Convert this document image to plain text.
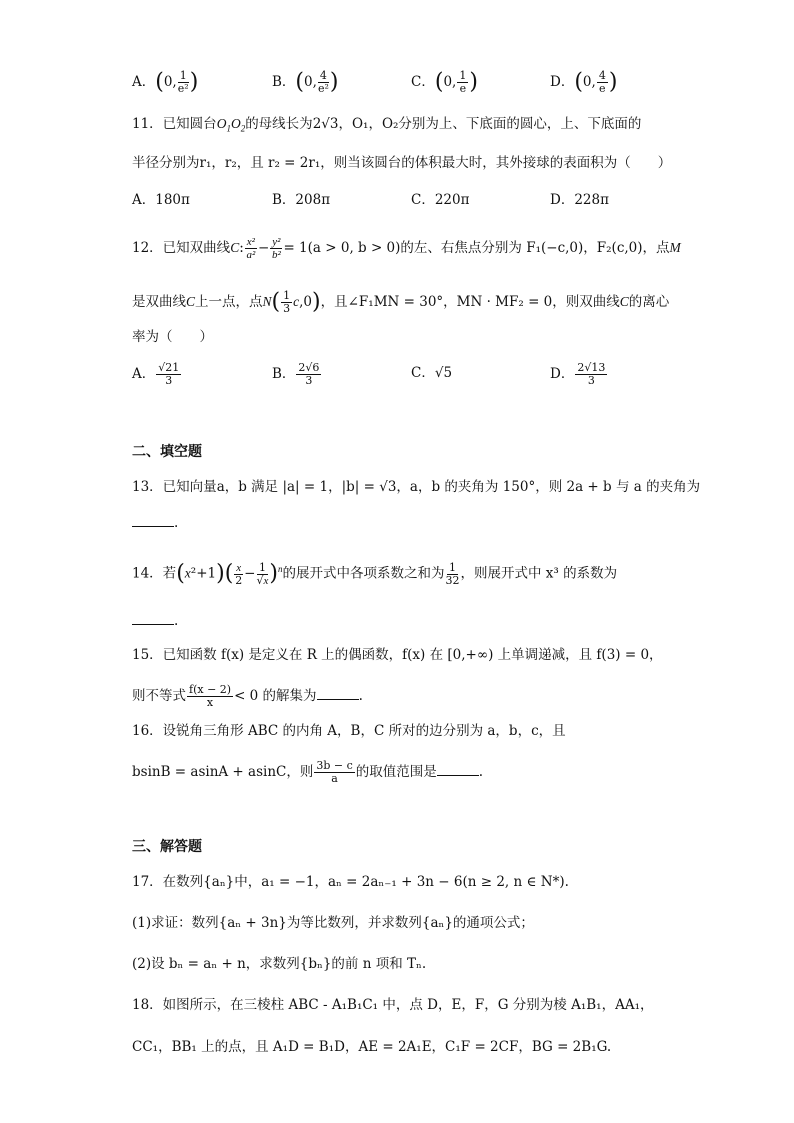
A．(0, $\frac{1}{\text{e²}}$ )	B．(0, $\frac{4}{\text{e²}}$ )	C．(0, $\frac{1}{e}$ )	D．(0, $\frac{4}{e}$ )
11．已知圆台$O_1O_2$的母线长为2√3，O₁，O₂分别为上、下底面的圆心，上、下底面的
半径分别为r₁，r₂，且 r₂ = 2r₁，则当该圆台的体积最大时，其外接球的表面积为（　　）
A．180π	B．208π	C．220π	D．228π
12．已知双曲线C: $\frac{\text{x²}}{\text{a²}} - \frac{\text{y²}}{\text{b²}} = 1(a > 0$, b > 0)的左、右焦点分别为 F₁(−c,0)，F₂(c,0)，点M
是双曲线C上一点，点$N( \frac{1}{3} c,0)$，且∠F₁MN = 30°，MN · MF₂ = 0，则双曲线C的离心
率为（　　）
A． $\frac{√21}{3}$	B． $\frac{2√6}{3}$	C．√5	D． $\frac{2√13}{3}$
二、填空题
13．已知向量a，b 满足 |a| = 1，|b| = √3，a，b 的夹角为 150°，则 2a + b 与 a 的夹角为
.
14．若$(x^2+1)( \frac{x}{2} - \frac{1}{√x} )^n$的展开式中各项系数之和为 $\frac{1}{32}$ ，则展开式中 x³ 的系数为
.
15．已知函数 f(x) 是定义在 R 上的偶函数，f(x) 在 [0,+∞) 上单调递减，且 f(3) = 0，
则不等式 $\frac{f(x - 2)}{x} < 0$ 的解集为	.
16．设锐角三角形 ABC 的内角 A，B，C 所对的边分别为 a，b，c，且
bsinB = asinA + asinC，则 $\frac{3b - c}{a}$ 的取值范围是	.
三、解答题
17．在数列{aₙ}中，a₁ = −1，aₙ = 2aₙ₋₁ + 3n − 6(n ≥ 2, n ∈ N*).
(1)求证：数列{aₙ + 3n}为等比数列，并求数列{aₙ}的通项公式；
(2)设 bₙ = aₙ + n，求数列{bₙ}的前 n 项和 Tₙ.
18．如图所示，在三棱柱 ABC - A₁B₁C₁ 中，点 D，E，F，G 分别为棱 A₁B₁，AA₁，
CC₁，BB₁ 上的点，且 A₁D = B₁D，AE = 2A₁E，C₁F = 2CF，BG = 2B₁G.
